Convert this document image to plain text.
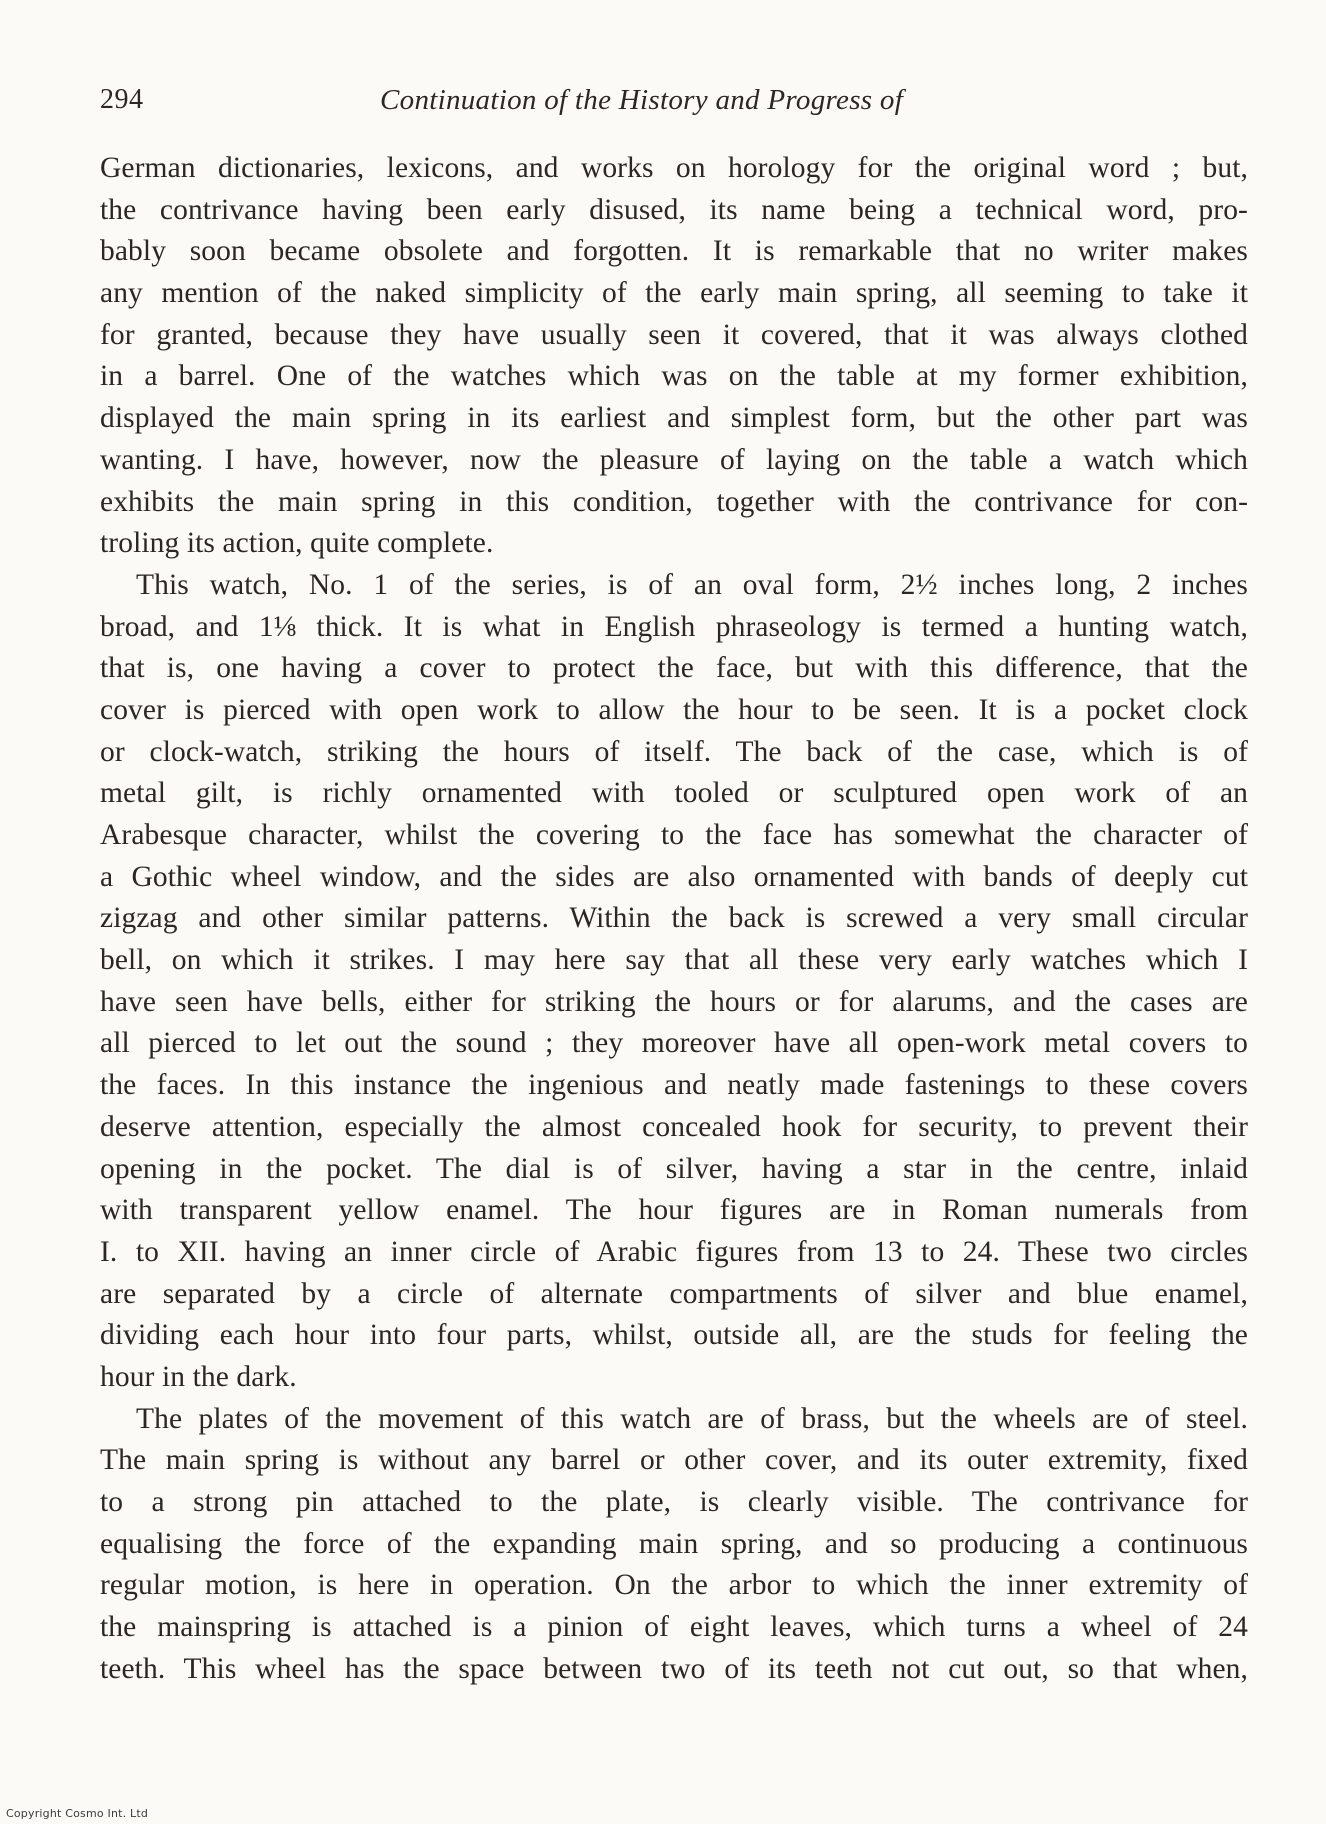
294	Continuation of the History and Progress of

German dictionaries, lexicons, and works on horology for the original word ; but,
the contrivance having been early disused, its name being a technical word, pro-
bably soon became obsolete and forgotten. It is remarkable that no writer makes
any mention of the naked simplicity of the early main spring, all seeming to take it
for granted, because they have usually seen it covered, that it was always clothed
in a barrel. One of the watches which was on the table at my former exhibition,
displayed the main spring in its earliest and simplest form, but the other part was
wanting. I have, however, now the pleasure of laying on the table a watch which
exhibits the main spring in this condition, together with the contrivance for con-
troling its action, quite complete.

This watch, No. 1 of the series, is of an oval form, 2½ inches long, 2 inches
broad, and 1⅛ thick. It is what in English phraseology is termed a hunting watch,
that is, one having a cover to protect the face, but with this difference, that the
cover is pierced with open work to allow the hour to be seen. It is a pocket clock
or clock-watch, striking the hours of itself. The back of the case, which is of
metal gilt, is richly ornamented with tooled or sculptured open work of an
Arabesque character, whilst the covering to the face has somewhat the character of
a Gothic wheel window, and the sides are also ornamented with bands of deeply cut
zigzag and other similar patterns. Within the back is screwed a very small circular
bell, on which it strikes. I may here say that all these very early watches which I
have seen have bells, either for striking the hours or for alarums, and the cases are
all pierced to let out the sound ; they moreover have all open-work metal covers to
the faces. In this instance the ingenious and neatly made fastenings to these covers
deserve attention, especially the almost concealed hook for security, to prevent their
opening in the pocket. The dial is of silver, having a star in the centre, inlaid
with transparent yellow enamel. The hour figures are in Roman numerals from
I. to XII. having an inner circle of Arabic figures from 13 to 24. These two circles
are separated by a circle of alternate compartments of silver and blue enamel,
dividing each hour into four parts, whilst, outside all, are the studs for feeling the
hour in the dark.

The plates of the movement of this watch are of brass, but the wheels are of steel.
The main spring is without any barrel or other cover, and its outer extremity, fixed
to a strong pin attached to the plate, is clearly visible. The contrivance for
equalising the force of the expanding main spring, and so producing a continuous
regular motion, is here in operation. On the arbor to which the inner extremity of
the mainspring is attached is a pinion of eight leaves, which turns a wheel of 24
teeth. This wheel has the space between two of its teeth not cut out, so that when,

Copyright Cosmo Int. Ltd
